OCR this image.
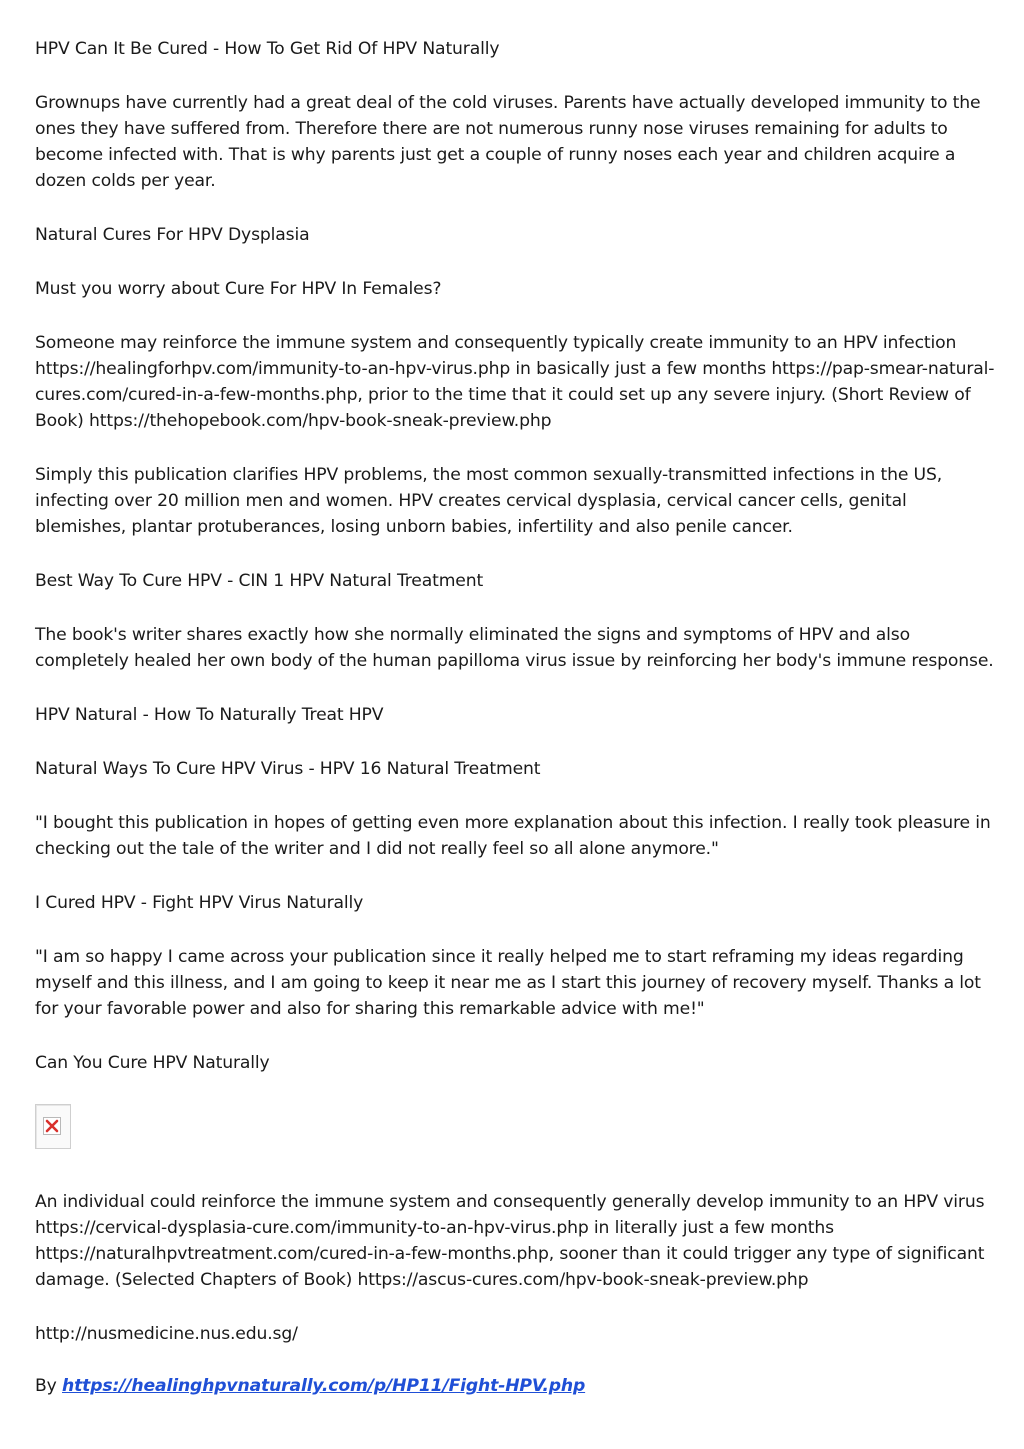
HPV Can It Be Cured - How To Get Rid Of HPV Naturally

Grownups have currently had a great deal of the cold viruses. Parents have actually developed immunity to the ones they have suffered from. Therefore there are not numerous runny nose viruses remaining for adults to become infected with. That is why parents just get a couple of runny noses each year and children acquire a dozen colds per year.

Natural Cures For HPV Dysplasia

Must you worry about Cure For HPV In Females?

Someone may reinforce the immune system and consequently typically create immunity to an HPV infection https://healingforhpv.com/immunity-to-an-hpv-virus.php in basically just a few months https://pap-smear-natural-cures.com/cured-in-a-few-months.php, prior to the time that it could set up any severe injury. (Short Review of Book) https://thehopebook.com/hpv-book-sneak-preview.php

Simply this publication clarifies HPV problems, the most common sexually-transmitted infections in the US, infecting over 20 million men and women. HPV creates cervical dysplasia, cervical cancer cells, genital blemishes, plantar protuberances, losing unborn babies, infertility and also penile cancer.

Best Way To Cure HPV - CIN 1 HPV Natural Treatment

The book's writer shares exactly how she normally eliminated the signs and symptoms of HPV and also completely healed her own body of the human papilloma virus issue by reinforcing her body's immune response.

HPV Natural - How To Naturally Treat HPV

Natural Ways To Cure HPV Virus - HPV 16 Natural Treatment

"I bought this publication in hopes of getting even more explanation about this infection. I really took pleasure in checking out the tale of the writer and I did not really feel so all alone anymore."

I Cured HPV - Fight HPV Virus Naturally

"I am so happy I came across your publication since it really helped me to start reframing my ideas regarding myself and this illness, and I am going to keep it near me as I start this journey of recovery myself. Thanks a lot for your favorable power and also for sharing this remarkable advice with me!"

Can You Cure HPV Naturally

An individual could reinforce the immune system and consequently generally develop immunity to an HPV virus https://cervical-dysplasia-cure.com/immunity-to-an-hpv-virus.php in literally just a few months https://naturalhpvtreatment.com/cured-in-a-few-months.php, sooner than it could trigger any type of significant damage. (Selected Chapters of Book) https://ascus-cures.com/hpv-book-sneak-preview.php

http://nusmedicine.nus.edu.sg/

By https://healinghpvnaturally.com/p/HP11/Fight-HPV.php
